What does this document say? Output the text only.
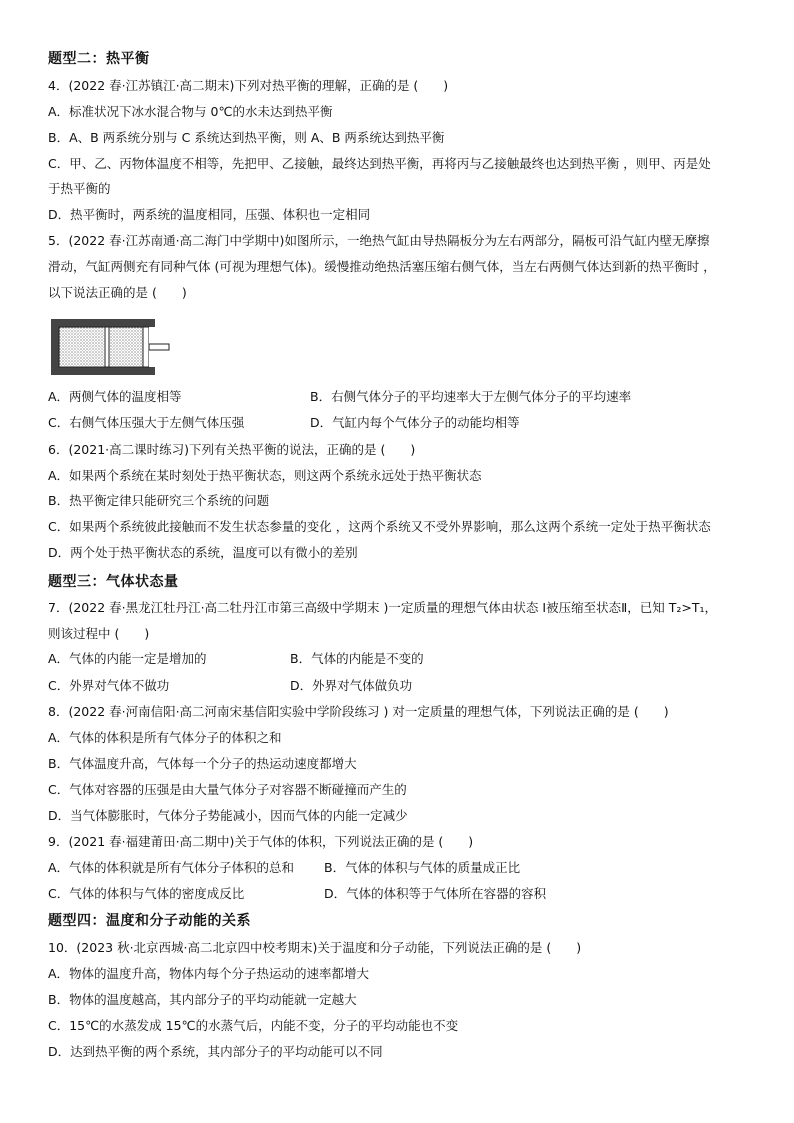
题型二：热平衡
4．(2022 春·江苏镇江·高二期末)下列对热平衡的理解，正确的是 (　　)
A．标准状况下冰水混合物与 0℃的水未达到热平衡
B．A、B 两系统分别与 C 系统达到热平衡，则 A、B 两系统达到热平衡
C．甲、乙、丙物体温度不相等，先把甲、乙接触，最终达到热平衡，再将丙与乙接触最终也达到热平衡 ，则甲、丙是处
于热平衡的
D．热平衡时，两系统的温度相同，压强、体积也一定相同
5．(2022 春·江苏南通·高二海门中学期中)如图所示，一绝热气缸由导热隔板分为左右两部分，隔板可沿气缸内壁无摩擦
滑动，气缸两侧充有同种气体 (可视为理想气体)。缓慢推动绝热活塞压缩右侧气体，当左右两侧气体达到新的热平衡时 ，
以下说法正确的是 (　　)
A．两侧气体的温度相等	B．右侧气体分子的平均速率大于左侧气体分子的平均速率
C．右侧气体压强大于左侧气体压强	D．气缸内每个气体分子的动能均相等
6．(2021·高二课时练习)下列有关热平衡的说法，正确的是 (　　)
A．如果两个系统在某时刻处于热平衡状态，则这两个系统永远处于热平衡状态
B．热平衡定律只能研究三个系统的问题
C．如果两个系统彼此接触而不发生状态参量的变化 ，这两个系统又不受外界影响，那么这两个系统一定处于热平衡状态
D．两个处于热平衡状态的系统，温度可以有微小的差别
题型三：气体状态量
7．(2022 春·黑龙江牡丹江·高二牡丹江市第三高级中学期末 )一定质量的理想气体由状态 Ⅰ被压缩至状态Ⅱ，已知 T₂>T₁，
则该过程中 (　　)
A．气体的内能一定是增加的	B．气体的内能是不变的
C．外界对气体不做功	D．外界对气体做负功
8．(2022 春·河南信阳·高二河南宋基信阳实验中学阶段练习 ) 对一定质量的理想气体，下列说法正确的是 (　　)
A．气体的体积是所有气体分子的体积之和
B．气体温度升高，气体每一个分子的热运动速度都增大
C．气体对容器的压强是由大量气体分子对容器不断碰撞而产生的
D．当气体膨胀时，气体分子势能减小，因而气体的内能一定减少
9．(2021 春·福建莆田·高二期中)关于气体的体积，下列说法正确的是 (　　)
A．气体的体积就是所有气体分子体积的总和 B．气体的体积与气体的质量成正比
C．气体的体积与气体的密度成反比	D．气体的体积等于气体所在容器的容积
题型四：温度和分子动能的关系
10．(2023 秋·北京西城·高二北京四中校考期末)关于温度和分子动能，下列说法正确的是 (　　)
A．物体的温度升高，物体内每个分子热运动的速率都增大
B．物体的温度越高，其内部分子的平均动能就一定越大
C．15℃的水蒸发成 15℃的水蒸气后，内能不变，分子的平均动能也不变
D．达到热平衡的两个系统，其内部分子的平均动能可以不同
